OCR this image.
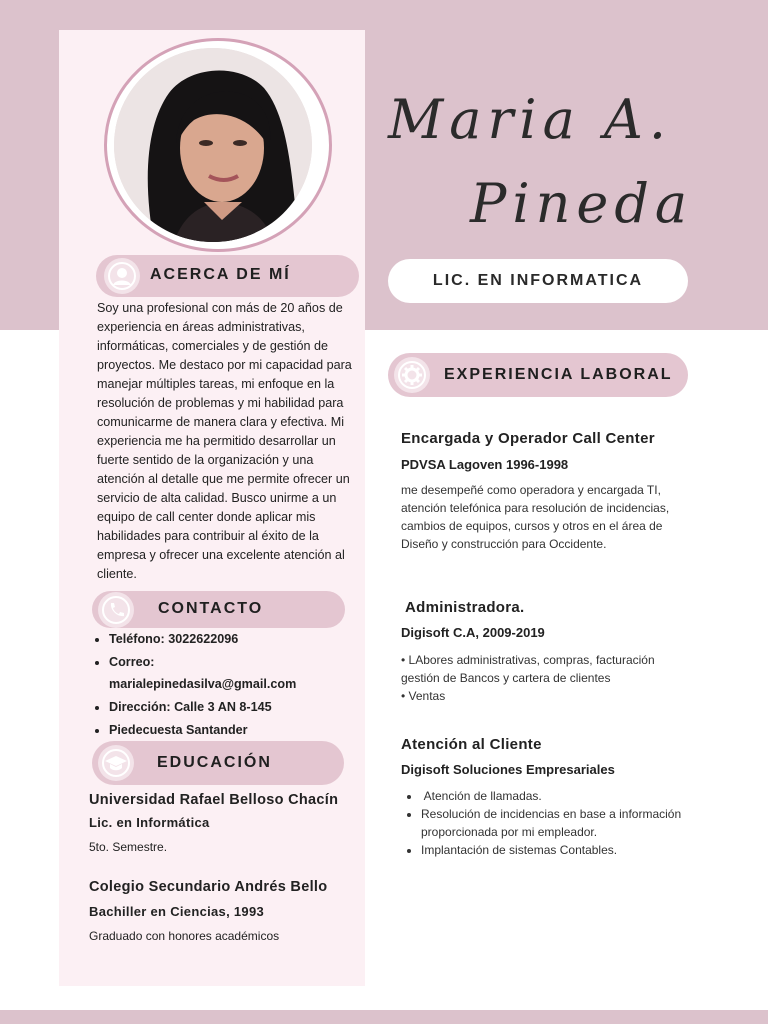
Maria A.
Pineda
LIC. EN INFORMATICA
ACERCA DE MÍ
Soy una profesional con más de 20 años de experiencia en áreas administrativas, informáticas, comerciales y de gestión de proyectos. Me destaco por mi capacidad para manejar múltiples tareas, mi enfoque en la resolución de problemas y mi habilidad para comunicarme de manera clara y efectiva. Mi experiencia me ha permitido desarrollar un fuerte sentido de la organización y una atención al detalle que me permite ofrecer un servicio de alta calidad. Busco unirme a un equipo de call center donde aplicar mis habilidades para contribuir al éxito de la empresa y ofrecer una excelente atención al cliente.
CONTACTO
• Teléfono: 3022622096
• Correo:
marialepinedasilva@gmail.com
• Dirección: Calle 3 AN 8-145
• Piedecuesta Santander
EDUCACIÓN
Universidad Rafael Belloso Chacín
Lic. en Informática
5to. Semestre.
Colegio Secundario Andrés Bello
Bachiller en Ciencias, 1993
Graduado con honores académicos
EXPERIENCIA LABORAL
Encargada y Operador Call Center
PDVSA Lagoven 1996-1998
me desempeñé como operadora y encargada TI, atención telefónica para resolución de incidencias, cambios de equipos, cursos y otros en el área de Diseño y construcción para Occidente.
Administradora.
Digisoft C.A, 2009-2019
• LAbores administrativas, compras, facturación
gestión de Bancos y cartera de clientes
• Ventas
Atención al Cliente
Digisoft Soluciones Empresariales
•  Atención de llamadas.
• Resolución de incidencias en base a información proporcionada por mi empleador.
• Implantación de sistemas Contables.
